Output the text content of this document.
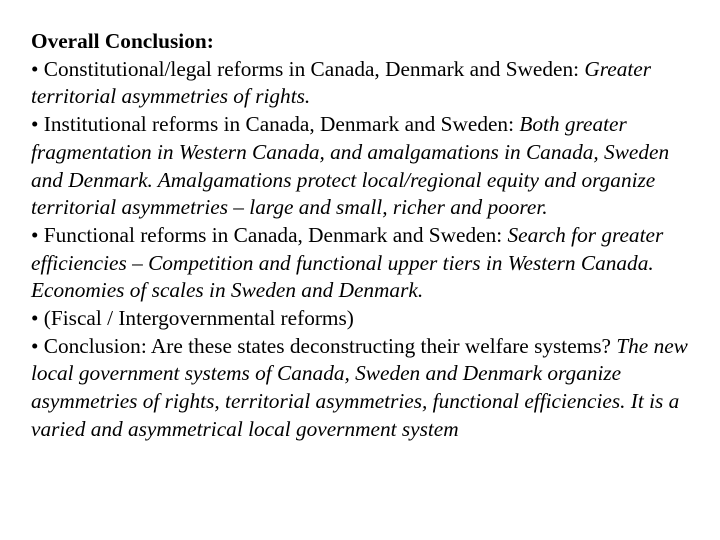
Overall Conclusion:

• Constitutional/legal reforms in Canada, Denmark and Sweden: Greater territorial asymmetries of rights.

• Institutional reforms in Canada, Denmark and Sweden: Both greater fragmentation in Western Canada, and amalgamations in Canada, Sweden and Denmark. Amalgamations protect local/regional equity and organize territorial asymmetries – large and small, richer and poorer.

• Functional reforms in Canada, Denmark and Sweden: Search for greater efficiencies – Competition and functional upper tiers in Western Canada. Economies of scales in Sweden and Denmark.

• (Fiscal / Intergovernmental reforms)

• Conclusion: Are these states deconstructing their welfare systems? The new local government systems of Canada, Sweden and Denmark organize asymmetries of rights, territorial asymmetries, functional efficiencies. It is a varied and asymmetrical local government system
